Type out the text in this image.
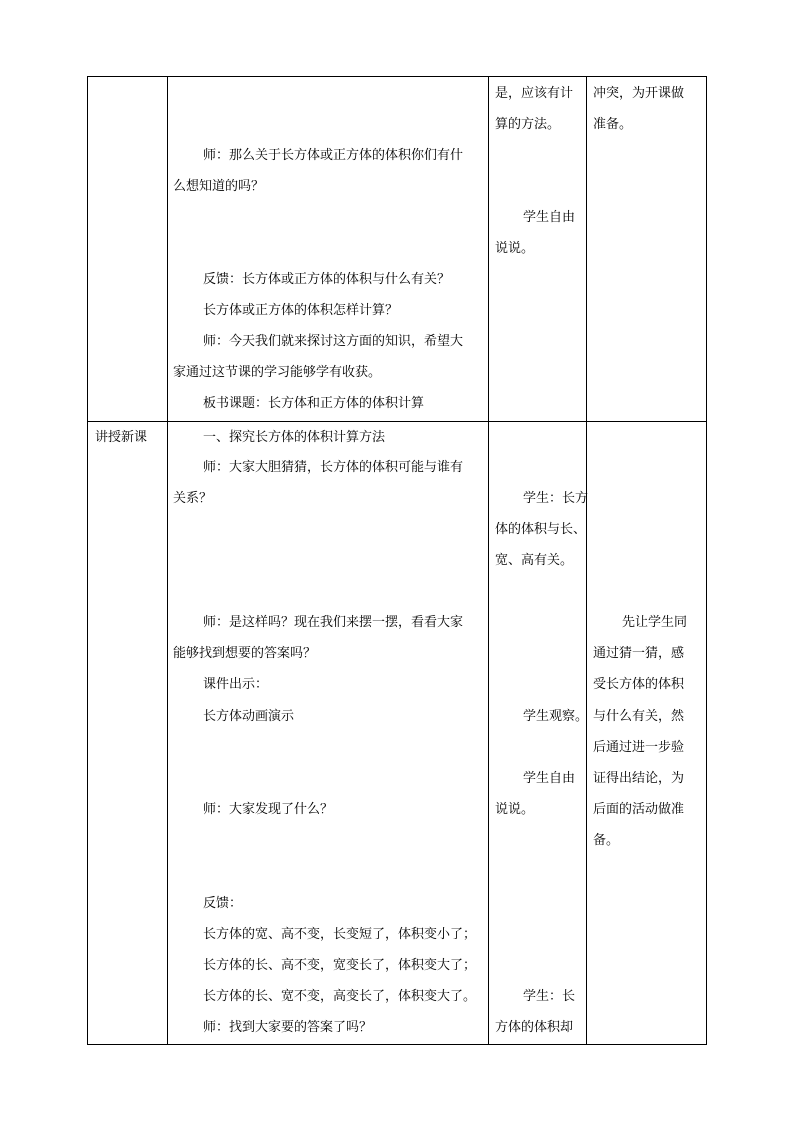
师：那么关于长方体或正方体的体积你们有什
么想知道的吗？
反馈：长方体或正方体的体积与什么有关？
长方体或正方体的体积怎样计算？
师：今天我们就来探讨这方面的知识，希望大
家通过这节课的学习能够学有收获。
板书课题：长方体和正方体的体积计算
是，应该有计
算的方法。
学生自由
说说。
冲突，为开课做
准备。
讲授新课	一、探究长方体的体积计算方法
师：大家大胆猜猜，长方体的体积可能与谁有
关系？
师：是这样吗？现在我们来摆一摆，看看大家
能够找到想要的答案吗？
课件出示：
长方体动画演示
师：大家发现了什么？
反馈：
长方体的宽、高不变，长变短了，体积变小了；
长方体的长、高不变，宽变长了，体积变大了；
长方体的长、宽不变，高变长了，体积变大了。
师：找到大家要的答案了吗？
学生：长方
体的体积与长、
宽、高有关。
学生观察。
学生自由
说说。
学生：长
方体的体积却
先让学生同
通过猜一猜，感
受长方体的体积
与什么有关，然
后通过进一步验
证得出结论，为
后面的活动做准
备。
